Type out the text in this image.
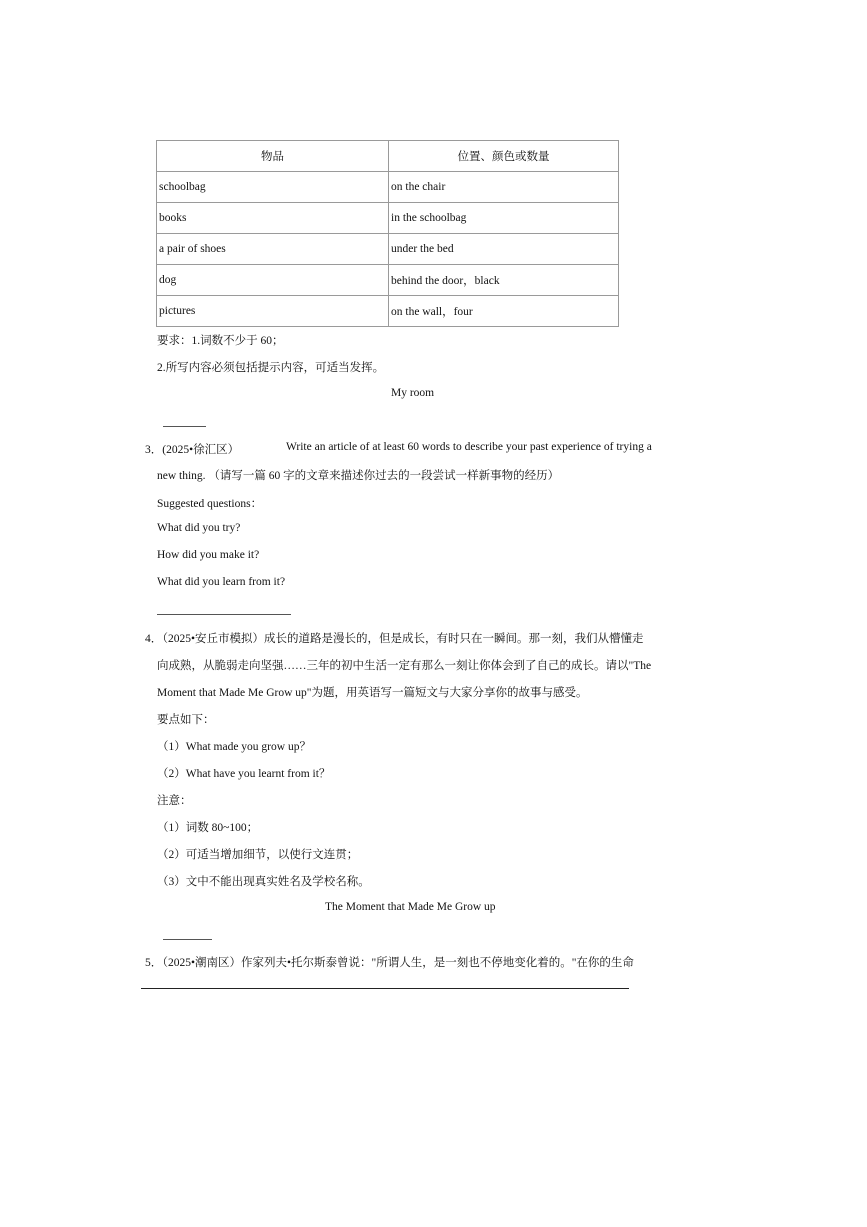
物品	位置、颜色或数量
schoolbag	on the chair
books	in the schoolbag
a pair of shoes	under the bed
dog	behind the door，black
pictures	on the wall，four
要求：1.词数不少于 60；
2.所写内容必须包括提示内容，可适当发挥。
My room
3．(2025•徐汇区）	Write an article of at least 60 words to describe your past experience of trying a
new thing. （请写一篇 60 字的文章来描述你过去的一段尝试一样新事物的经历）
Suggested questions：
What did you try?
How did you make it?
What did you learn from it?
4．（2025•安丘市模拟）成长的道路是漫长的，但是成长，有时只在一瞬间。那一刻，我们从懵懂走
向成熟，从脆弱走向坚强……三年的初中生活一定有那么一刻让你体会到了自己的成长。请以"The
Moment that Made Me Grow up"为题，用英语写一篇短文与大家分享你的故事与感受。
要点如下：
（1）What made you grow up？
（2）What have you learnt from it？
注意：
（1）词数 80~100；
（2）可适当增加细节，以使行文连贯；
（3）文中不能出现真实姓名及学校名称。
The Moment that Made Me Grow up
5．（2025•潮南区）作家列夫•托尔斯泰曾说："所谓人生，是一刻也不停地变化着的。"在你的生命
